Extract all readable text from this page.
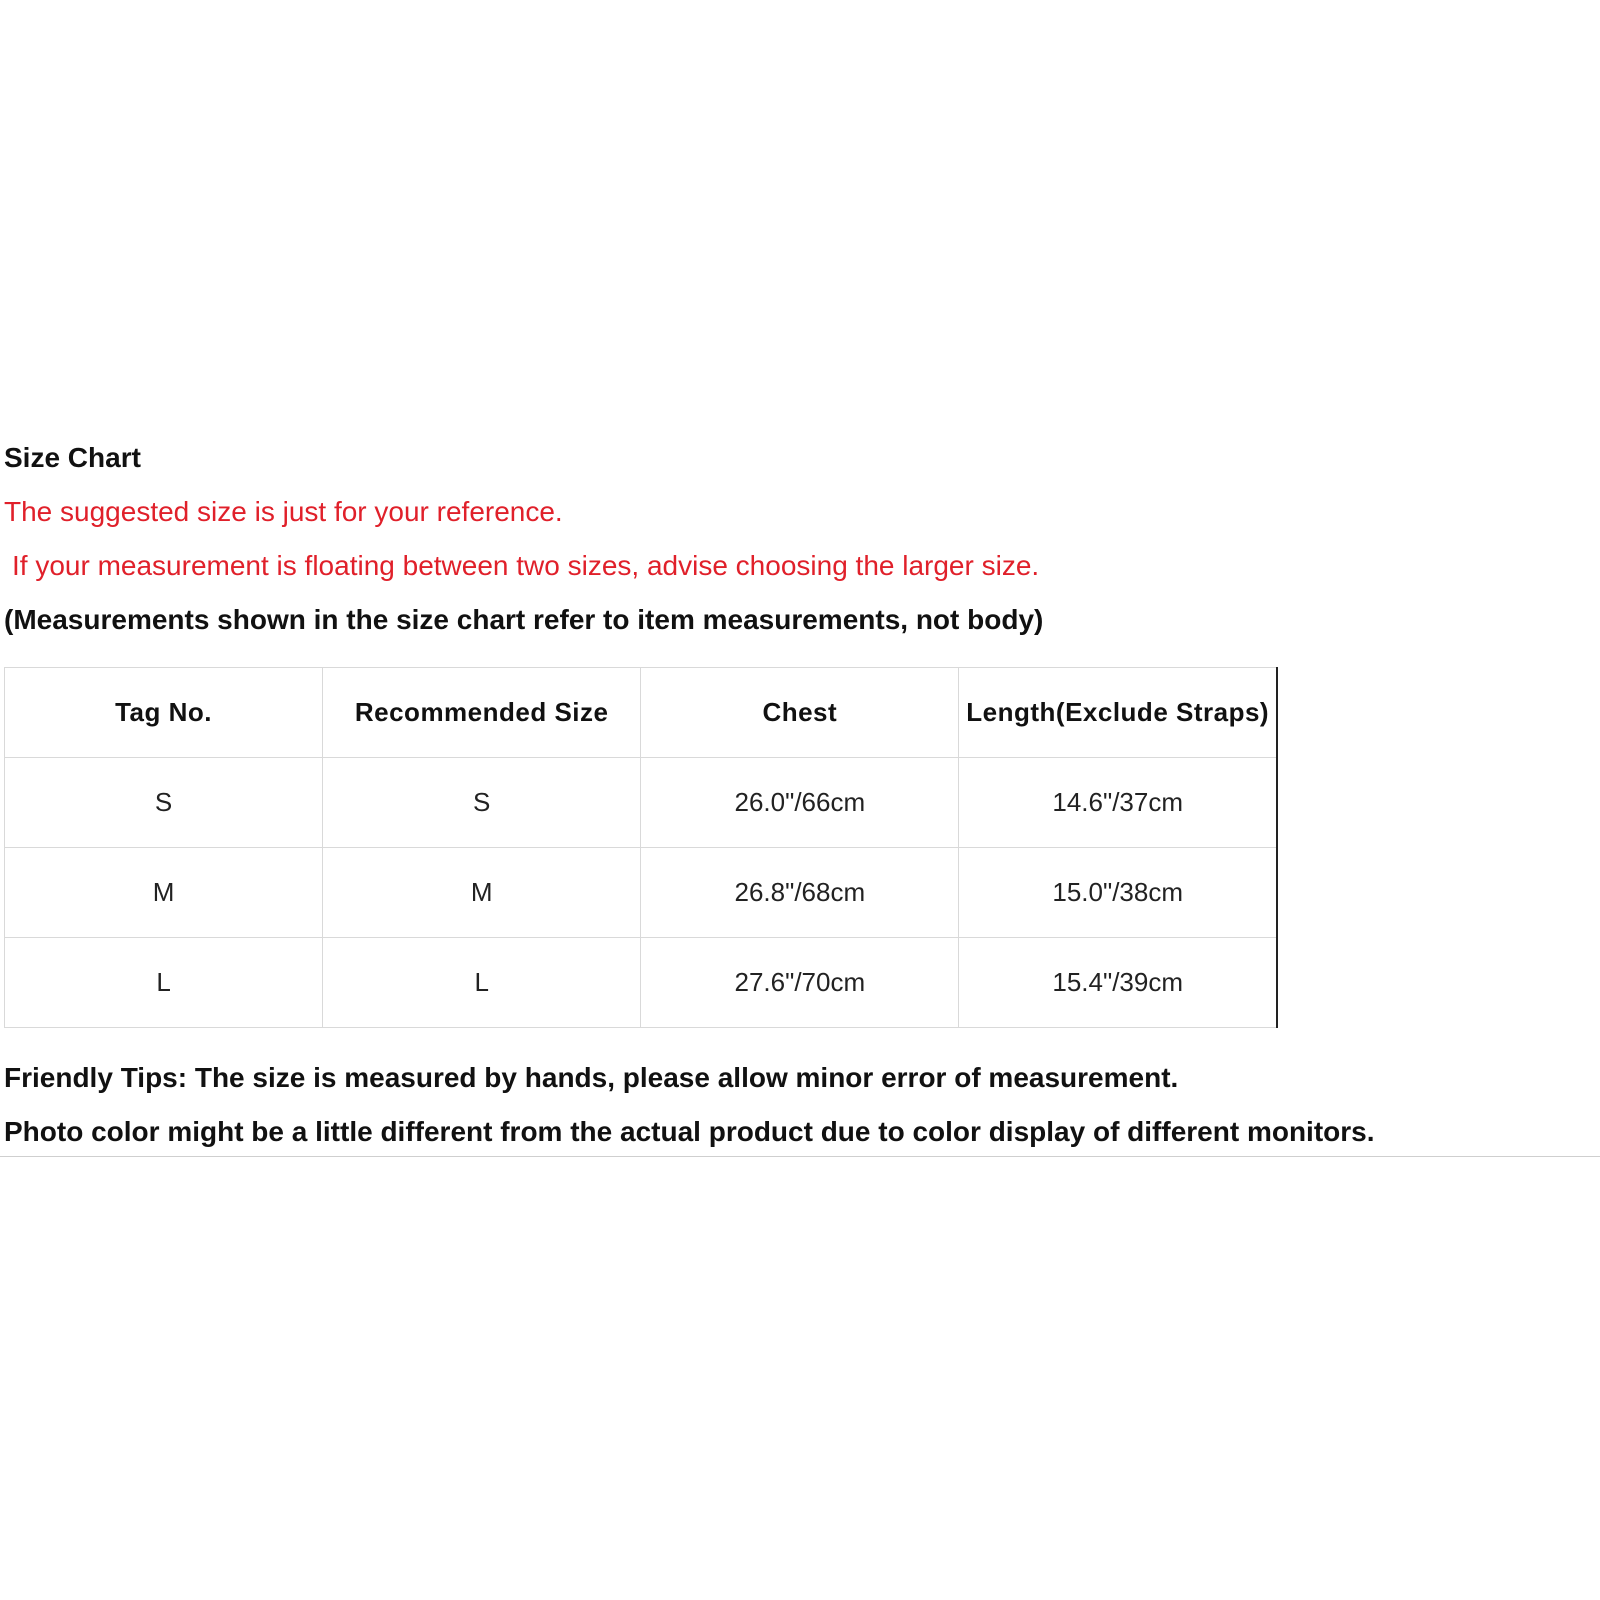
Size Chart

The suggested size is just for your reference.

If your measurement is floating between two sizes, advise choosing the larger size.

(Measurements shown in the size chart refer to item measurements, not body)

Tag No.	Recommended Size	Chest	Length(Exclude Straps)
S	S	26.0"/66cm	14.6"/37cm
M	M	26.8"/68cm	15.0"/38cm
L	L	27.6"/70cm	15.4"/39cm

Friendly Tips: The size is measured by hands, please allow minor error of measurement.

Photo color might be a little different from the actual product due to color display of different monitors.
